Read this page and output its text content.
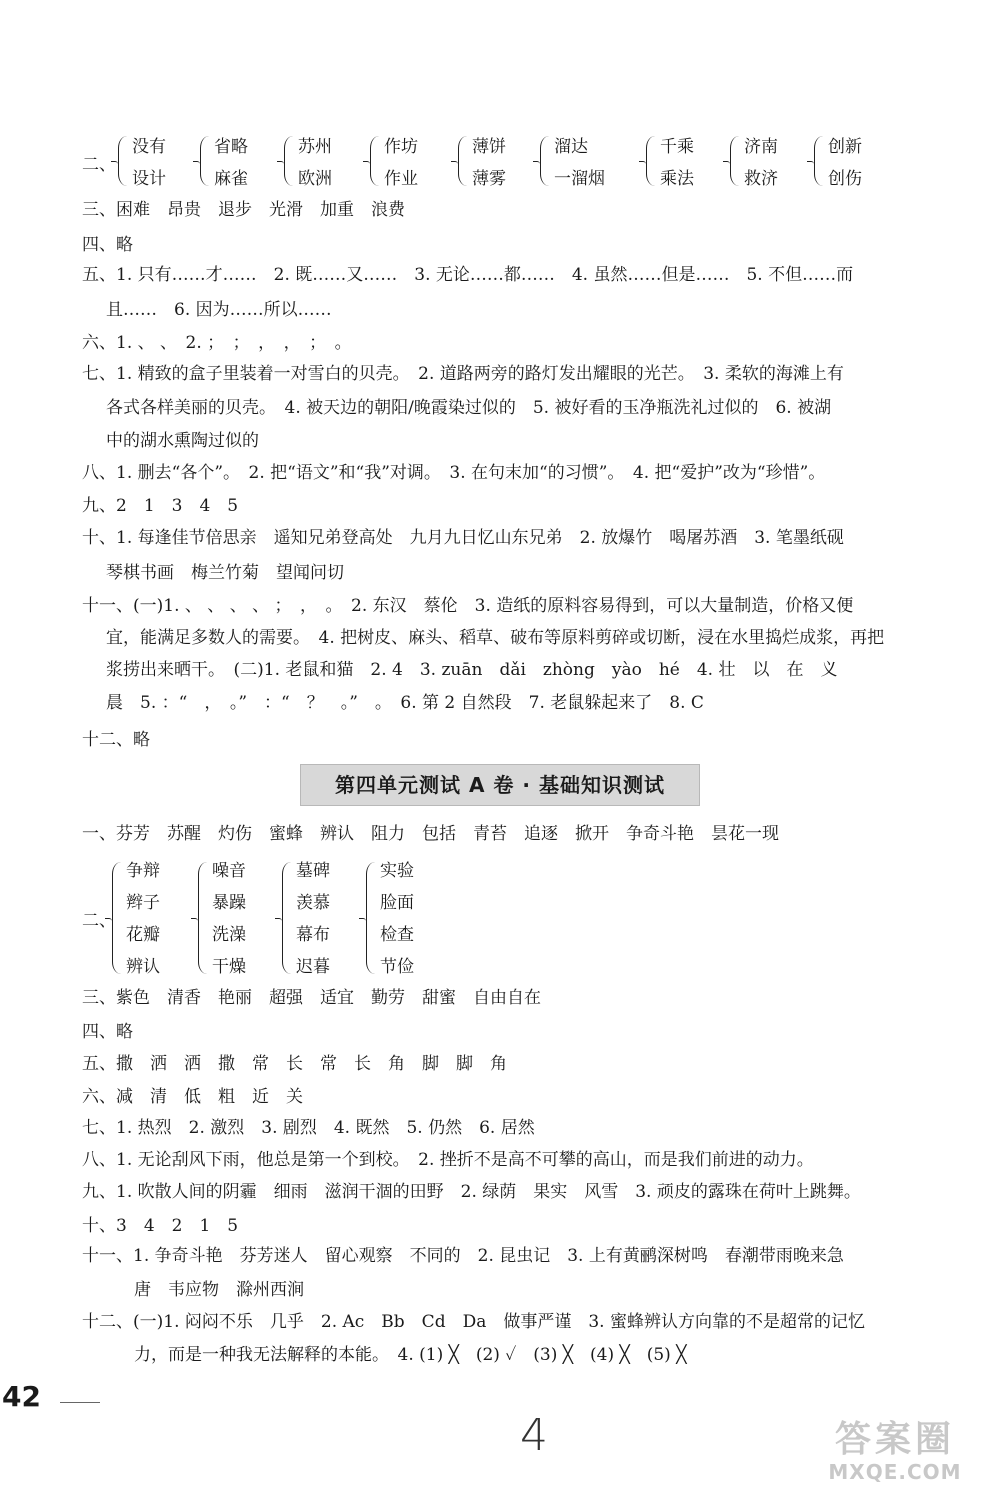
二、
没有
设计
省略
麻雀
苏州
欧洲
作坊
作业
薄饼
薄雾
溜达
一溜烟
千乘
乘法
济南
救济
创新
创伤
三、困难　昂贵　退步　光滑　加重　浪费
四、略
五、1. 只有……才……　2. 既……又……　3. 无论……都……　4. 虽然……但是……　5. 不但……而
且……　6. 因为……所以……
六、1. 、 、　2. ；　；　，　，　；　。
七、1. 精致的盒子里装着一对雪白的贝壳。　2. 道路两旁的路灯发出耀眼的光芒。　3. 柔软的海滩上有
各式各样美丽的贝壳。　4. 被天边的朝阳/晚霞染过似的　5. 被好看的玉净瓶洗礼过似的　6. 被湖
中的湖水熏陶过似的
八、1. 删去“各个”。　2. 把“语文”和“我”对调。　3. 在句末加“的习惯”。　4. 把“爱护”改为“珍惜”。
九、2　1　3　4　5
十、1. 每逢佳节倍思亲　遥知兄弟登高处　九月九日忆山东兄弟　2. 放爆竹　喝屠苏酒　3. 笔墨纸砚
琴棋书画　梅兰竹菊　望闻问切
十一、(一)1. 、 、 、 、 ；　，　。　2. 东汉　蔡伦　3. 造纸的原料容易得到，可以大量制造，价格又便
宜，能满足多数人的需要。　4. 把树皮、麻头、稻草、破布等原料剪碎或切断，浸在水里捣烂成浆，再把
浆捞出来晒干。　(二)1. 老鼠和猫　2. 4　3. zuān　dǎi　zhòng　yào　hé　4. 壮　以　在　义
晨　5. ：“　，　。”　：“　？　。”　。　6. 第 2 自然段　7. 老鼠躲起来了　8. C
十二、略
第四单元测试 A 卷 · 基础知识测试
一、芬芳　苏醒　灼伤　蜜蜂　辨认　阻力　包括　青苔　追逐　掀开　争奇斗艳　昙花一现
二、
争辩
辫子
花瓣
辨认
噪音
暴躁
洗澡
干燥
墓碑
羡慕
幕布
迟暮
实验
脸面
检查
节俭
三、紫色　清香　艳丽　超强　适宜　勤劳　甜蜜　自由自在
四、略
五、撒　洒　洒　撒　常　长　常　长　角　脚　脚　角
六、减　清　低　粗　近　关
七、1. 热烈　2. 激烈　3. 剧烈　4. 既然　5. 仍然　6. 居然
八、1. 无论刮风下雨，他总是第一个到校。　2. 挫折不是高不可攀的高山，而是我们前进的动力。
九、1. 吹散人间的阴霾　细雨　滋润干涸的田野　2. 绿荫　果实　风雪　3. 顽皮的露珠在荷叶上跳舞。
十、3　4　2　1　5
十一、1. 争奇斗艳　芬芳迷人　留心观察　不同的　2. 昆虫记　3. 上有黄鹂深树鸣　春潮带雨晚来急
唐　韦应物　滁州西涧
十二、(一)1. 闷闷不乐　几乎　2. Ac　Bb　Cd　Da　做事严谨　3. 蜜蜂辨认方向靠的不是超常的记忆
力，而是一种我无法解释的本能。　4. (1) ╳　(2) ✓　(3) ╳　(4) ╳　(5) ╳
42
4	答案圈
MXQE.COM
